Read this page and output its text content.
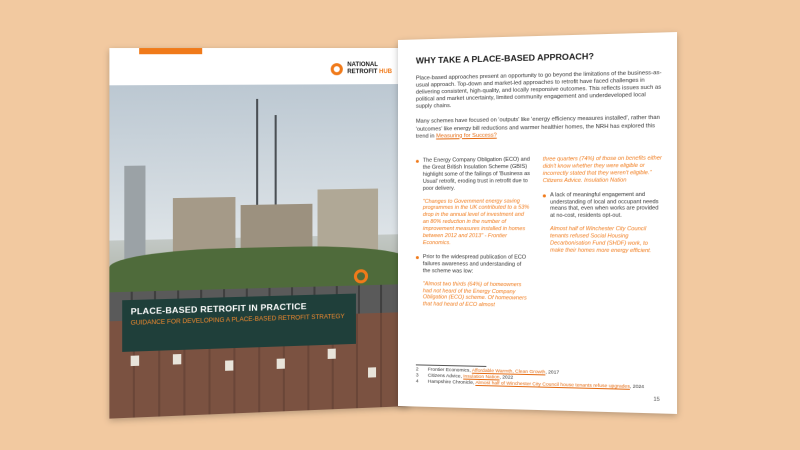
NATIONAL
RETROFIT HUB

PLACE-BASED RETROFIT IN PRACTICE

GUIDANCE FOR DEVELOPING A PLACE-BASED RETROFIT STRATEGY

WHY TAKE A PLACE-BASED APPROACH?

Place-based approaches present an opportunity to go beyond the limitations of the business-as-usual approach. Top-down and market-led approaches to retrofit have faced challenges in delivering consistent, high-quality, and locally responsive outcomes. This reflects issues such as political and market uncertainty, limited community engagement and underdeveloped local supply chains.

Many schemes have focused on 'outputs' like 'energy efficiency measures installed', rather than 'outcomes' like energy bill reductions and warmer healthier homes, the NRH has explored this trend in Measuring for Success?

The Energy Company Obligation (ECO) and the Great British Insulation Scheme (GBIS) highlight some of the failings of 'Business as Usual' retrofit, eroding trust in retrofit due to poor delivery.

"Changes to Government energy saving programmes in the UK contributed to a 53% drop in the annual level of investment and an 80% reduction in the number of improvement measures installed in homes between 2012 and 2013" - Frontier Economics.

Prior to the widespread publication of ECO failures awareness and understanding of the scheme was low:

"Almost two thirds (64%) of homeowners had not heard of the Energy Company Obligation (ECO) scheme. Of homeowners that had heard of ECO almost

three quarters (74%) of those on benefits either didn't know whether they were eligible or incorrectly stated that they weren't eligible." Citizens Advice. Insulation Nation

A lack of meaningful engagement and understanding of local and occupant needs means that, even when works are provided at no-cost, residents opt-out.

Almost half of Winchester City Council tenants refused Social Housing Decarbonisation Fund (SHDF) work, to make their homes more energy efficient.

2 Frontier Economics, Affordable Warmth, Clean Growth, 2017

3 Citizens Advice, Insulation Nation, 2022

4 Hampshire Chronicle, Almost half of Winchester City Council house tenants refuse upgrades, 2024

15
